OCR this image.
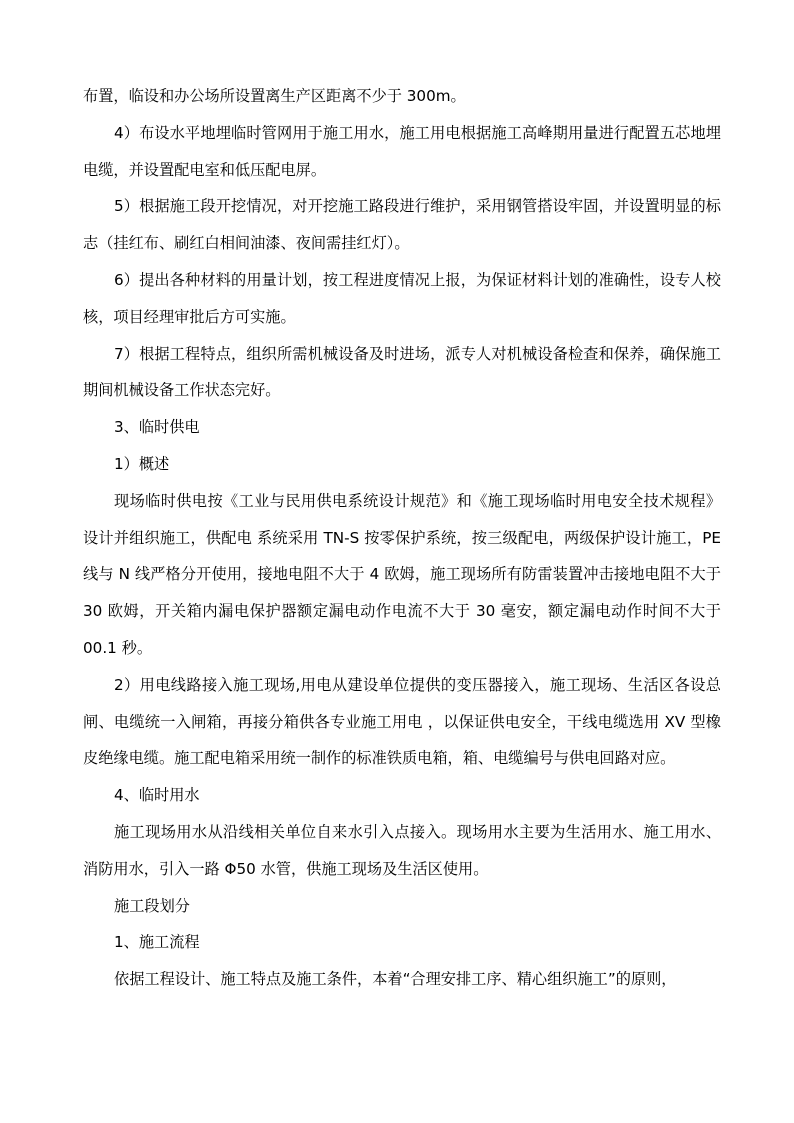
布置，临设和办公场所设置离生产区距离不少于 300m。

4）布设水平地埋临时管网用于施工用水，施工用电根据施工高峰期用量进行配置五芯地埋电缆，并设置配电室和低压配电屏。

5）根据施工段开挖情况，对开挖施工路段进行维护，采用钢管搭设牢固，并设置明显的标志（挂红布、刷红白相间油漆、夜间需挂红灯）。

6）提出各种材料的用量计划，按工程进度情况上报，为保证材料计划的准确性，设专人校核，项目经理审批后方可实施。

7）根据工程特点，组织所需机械设备及时进场，派专人对机械设备检查和保养，确保施工期间机械设备工作状态完好。

3、临时供电

1）概述

现场临时供电按《工业与民用供电系统设计规范》和《施工现场临时用电安全技术规程》设计并组织施工，供配电 系统采用 TN-S 按零保护系统，按三级配电，两级保护设计施工，PE 线与 N 线严格分开使用，接地电阻不大于 4 欧姆，施工现场所有防雷装置冲击接地电阻不大于 30 欧姆，开关箱内漏电保护器额定漏电动作电流不大于 30 毫安，额定漏电动作时间不大于 00.1 秒。

2）用电线路接入施工现场,用电从建设单位提供的变压器接入，施工现场、生活区各设总闸、电缆统一入闸箱，再接分箱供各专业施工用电 ，以保证供电安全，干线电缆选用 XV 型橡皮绝缘电缆。施工配电箱采用统一制作的标准铁质电箱，箱、电缆编号与供电回路对应。

4、临时用水

施工现场用水从沿线相关单位自来水引入点接入。现场用水主要为生活用水、施工用水、消防用水，引入一路 Φ50 水管，供施工现场及生活区使用。

施工段划分

1、施工流程

依据工程设计、施工特点及施工条件，本着“合理安排工序、精心组织施工”的原则，
